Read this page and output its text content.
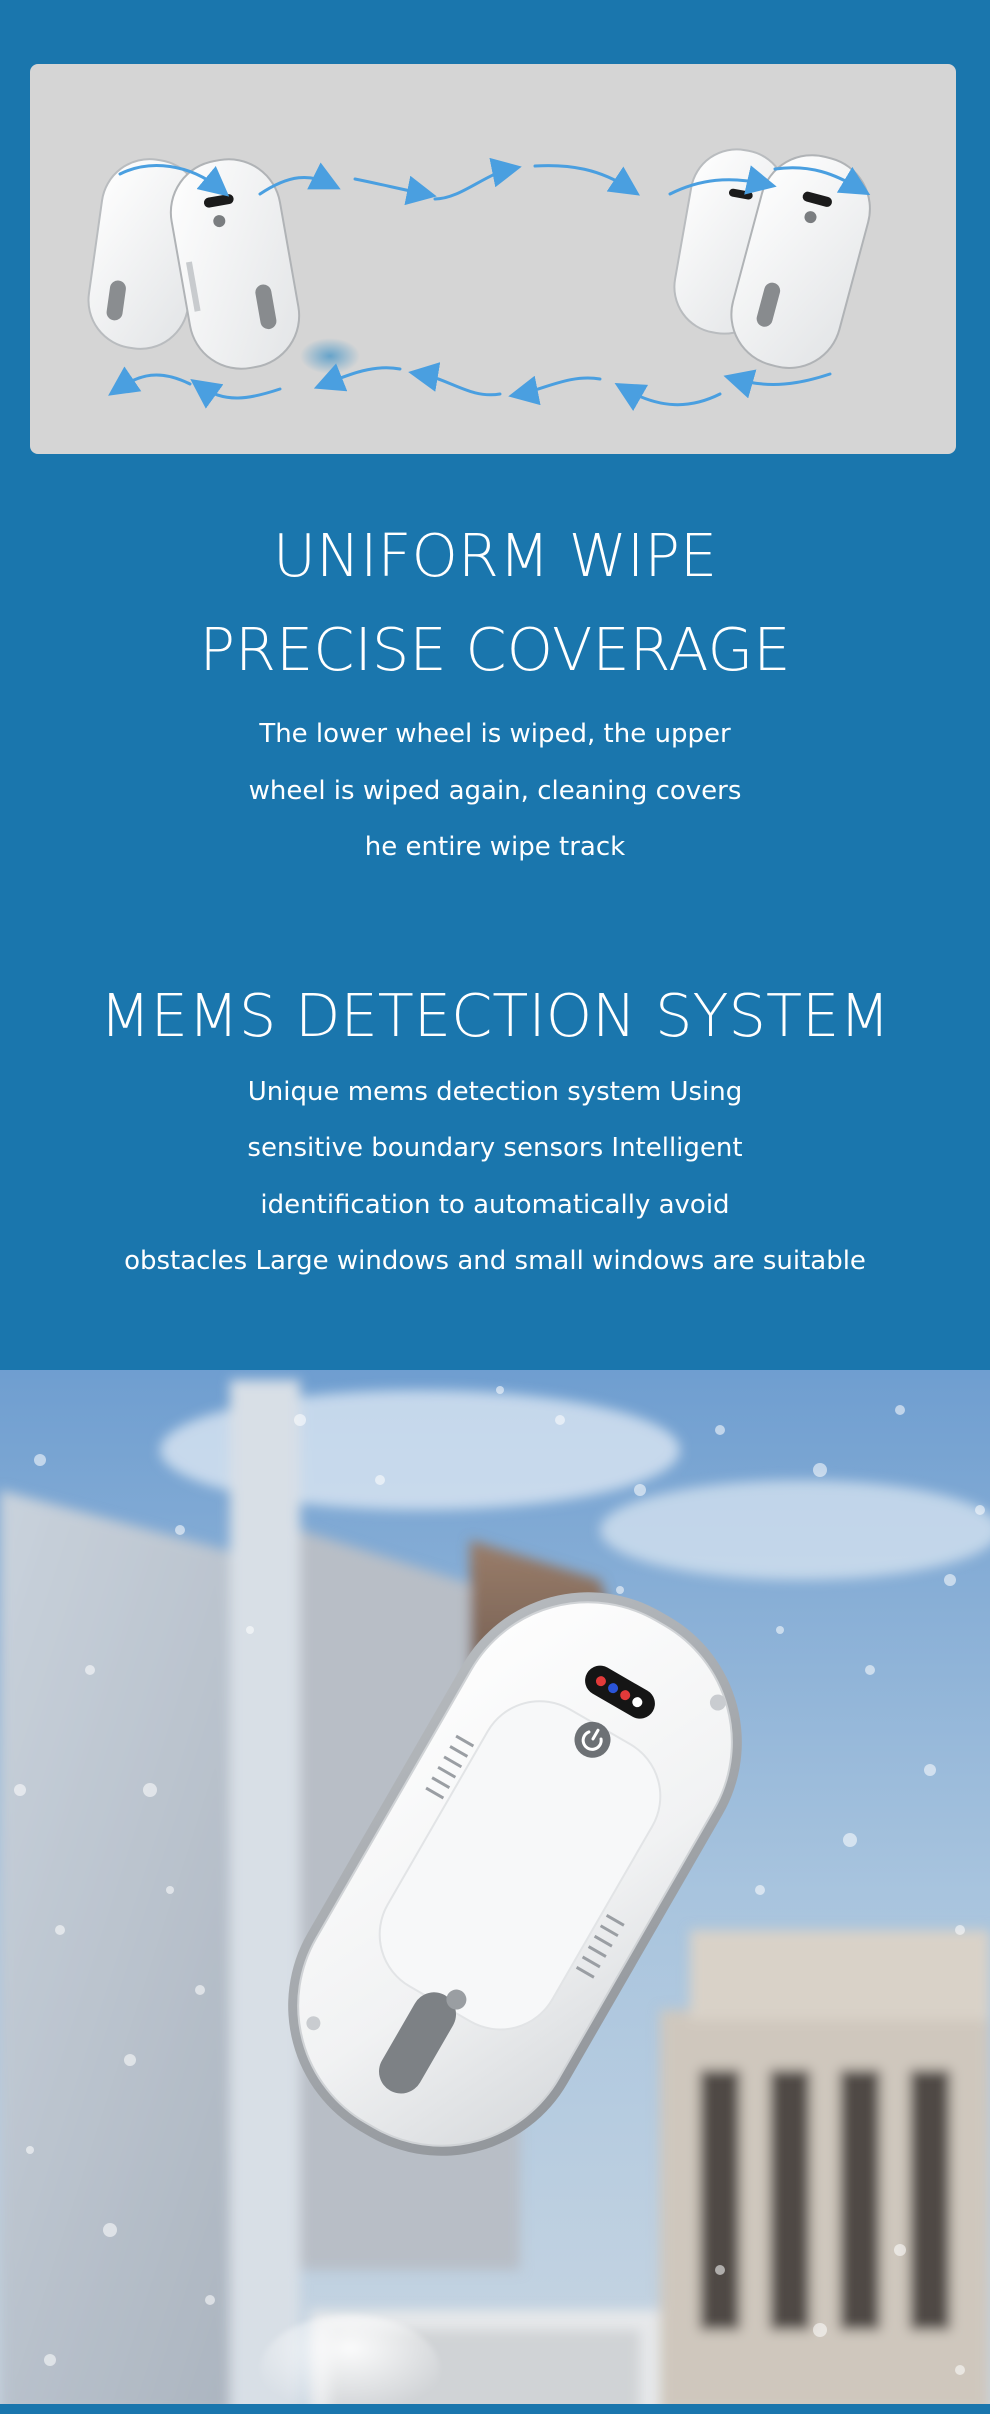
UNIFORM WIPE
PRECISE COVERAGE

The lower wheel is wiped, the upper

wheel is wiped again, cleaning covers

he entire wipe track

MEMS DETECTION SYSTEM

Unique mems detection system Using

sensitive boundary sensors Intelligent

identification to automatically avoid

obstacles Large windows and small windows are suitable
